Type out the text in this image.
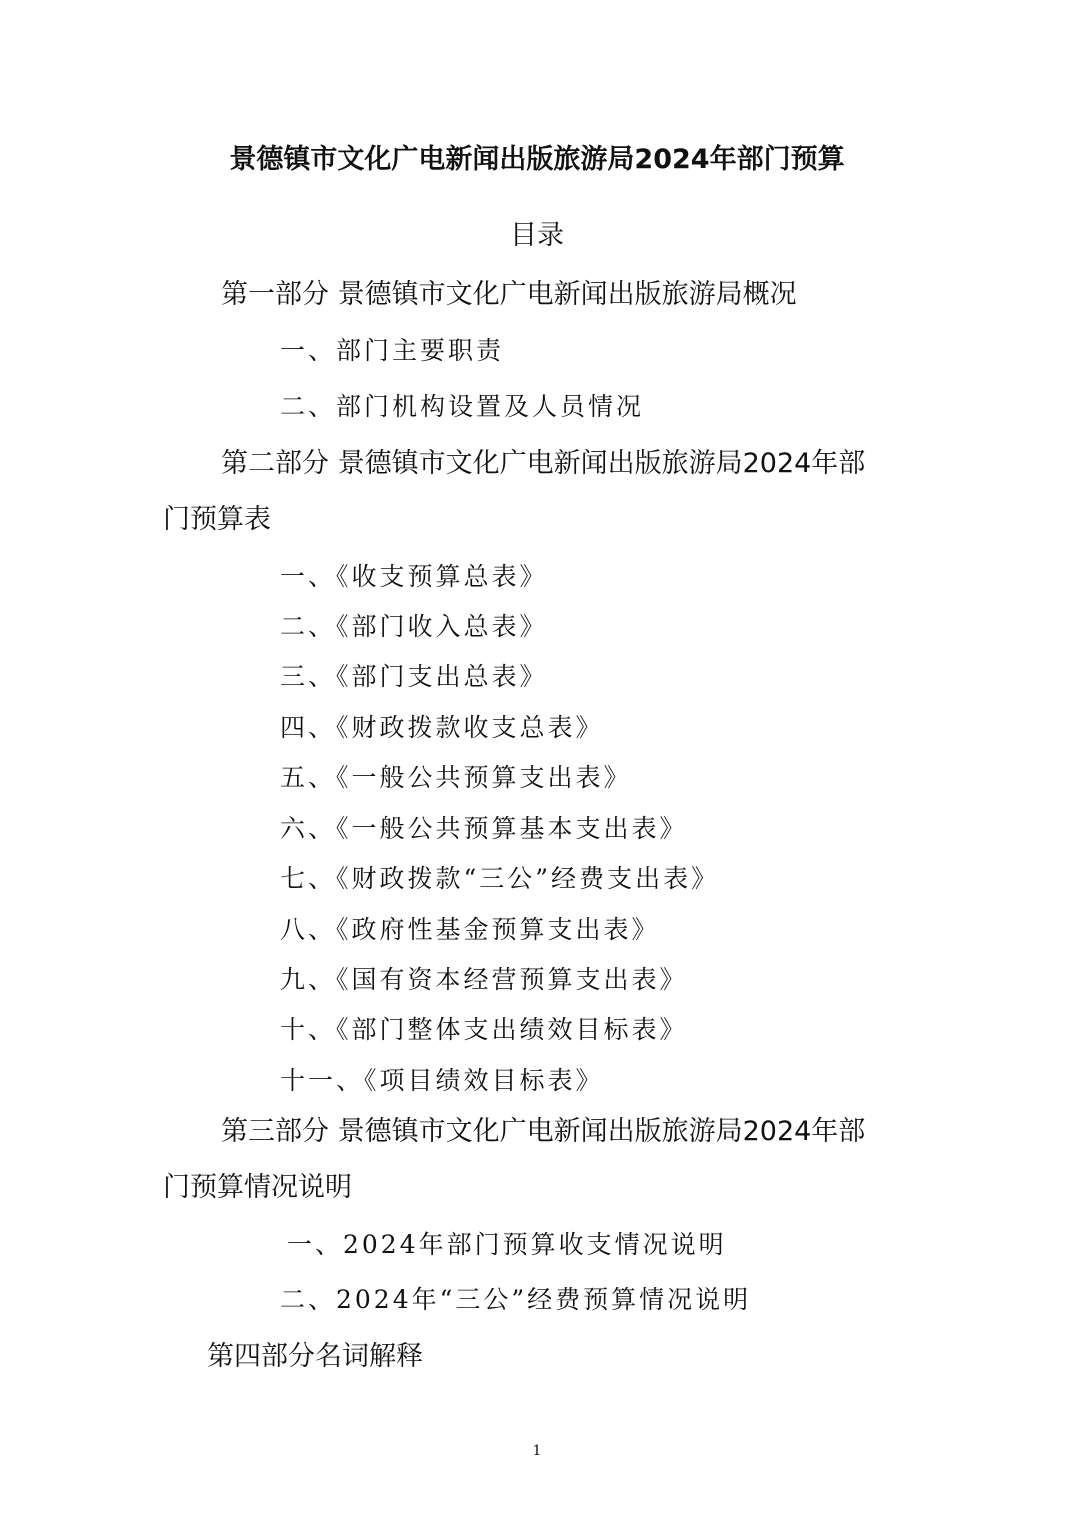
景德镇市文化广电新闻出版旅游局2024年部门预算
目录
第一部分 景德镇市文化广电新闻出版旅游局概况
一、部门主要职责
二、部门机构设置及人员情况
第二部分 景德镇市文化广电新闻出版旅游局2024年部
门预算表
一、《收支预算总表》
二、《部门收入总表》
三、《部门支出总表》
四、《财政拨款收支总表》
五、《一般公共预算支出表》
六、《一般公共预算基本支出表》
七、《财政拨款“三公”经费支出表》
八、《政府性基金预算支出表》
九、《国有资本经营预算支出表》
十、《部门整体支出绩效目标表》
十一、《项目绩效目标表》
第三部分 景德镇市文化广电新闻出版旅游局2024年部
门预算情况说明
一、2024年部门预算收支情况说明
二、2024年“三公”经费预算情况说明
第四部分名词解释
1
